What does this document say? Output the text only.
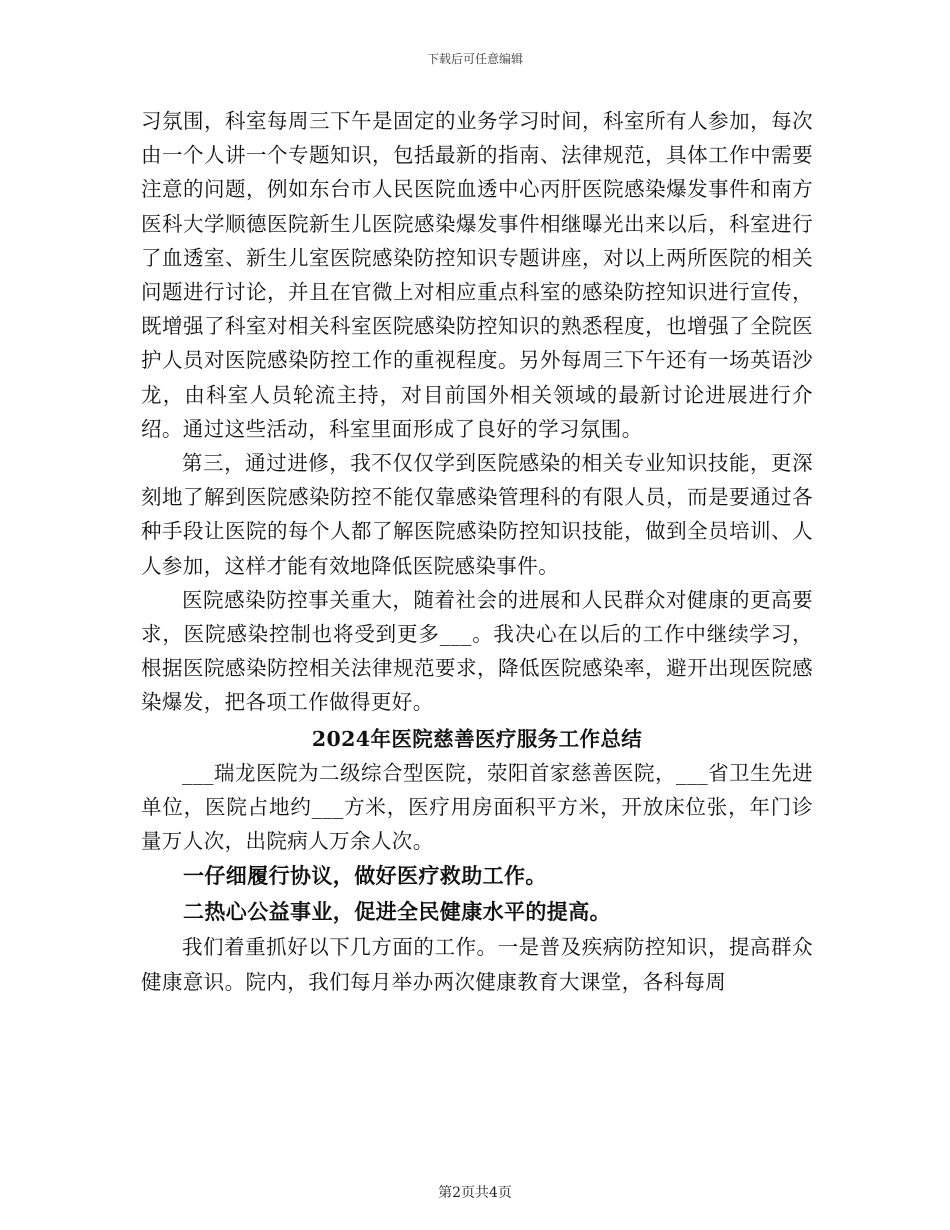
下载后可任意编辑

习氛围，科室每周三下午是固定的业务学习时间，科室所有人参加，每次由一个人讲一个专题知识，包括最新的指南、法律规范，具体工作中需要注意的问题，例如东台市人民医院血透中心丙肝医院感染爆发事件和南方医科大学顺德医院新生儿医院感染爆发事件相继曝光出来以后，科室进行了血透室、新生儿室医院感染防控知识专题讲座，对以上两所医院的相关问题进行讨论，并且在官微上对相应重点科室的感染防控知识进行宣传，既增强了科室对相关科室医院感染防控知识的熟悉程度，也增强了全院医护人员对医院感染防控工作的重视程度。另外每周三下午还有一场英语沙龙，由科室人员轮流主持，对目前国外相关领域的最新讨论进展进行介绍。通过这些活动，科室里面形成了良好的学习氛围。

第三，通过进修，我不仅仅学到医院感染的相关专业知识技能，更深刻地了解到医院感染防控不能仅靠感染管理科的有限人员，而是要通过各种手段让医院的每个人都了解医院感染防控知识技能，做到全员培训、人人参加，这样才能有效地降低医院感染事件。

医院感染防控事关重大，随着社会的进展和人民群众对健康的更高要求，医院感染控制也将受到更多___。我决心在以后的工作中继续学习，根据医院感染防控相关法律规范要求，降低医院感染率，避开出现医院感染爆发，把各项工作做得更好。

2024年医院慈善医疗服务工作总结

___瑞龙医院为二级综合型医院，荥阳首家慈善医院，___省卫生先进单位，医院占地约___方米，医疗用房面积平方米，开放床位张，年门诊量万人次，出院病人万余人次。

一仔细履行协议，做好医疗救助工作。

二热心公益事业，促进全民健康水平的提高。

我们着重抓好以下几方面的工作。一是普及疾病防控知识，提高群众健康意识。院内，我们每月举办两次健康教育大课堂，各科每周

第2页共4页
